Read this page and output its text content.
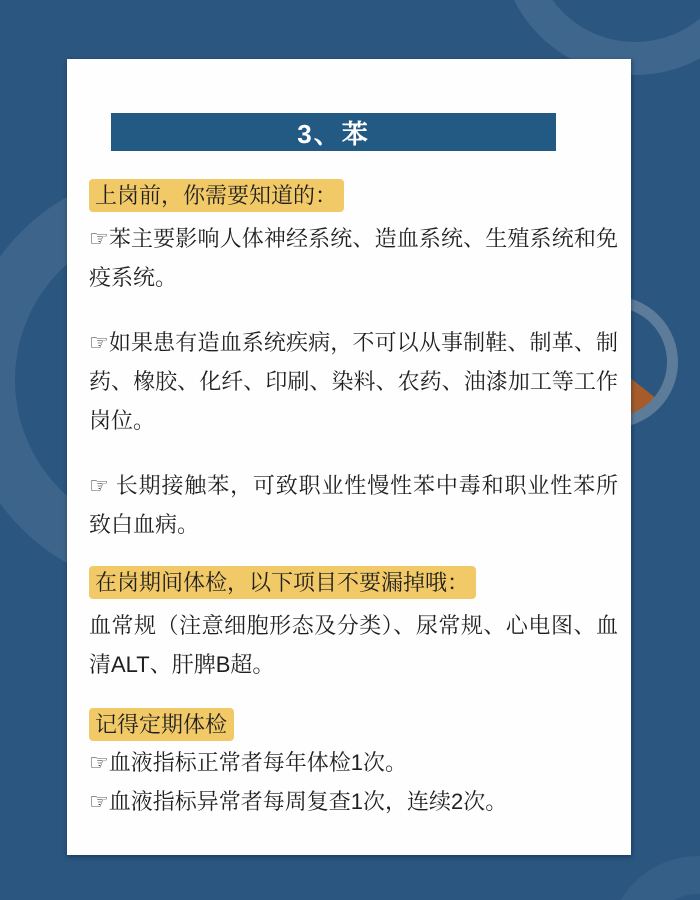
3、苯
上岗前，你需要知道的：

☞苯主要影响人体神经系统、造血系统、生殖系统和免疫系统。

☞如果患有造血系统疾病，不可以从事制鞋、制革、制药、橡胶、化纤、印刷、染料、农药、油漆加工等工作岗位。

☞ 长期接触苯，可致职业性慢性苯中毒和职业性苯所致白血病。

在岗期间体检，以下项目不要漏掉哦：

血常规（注意细胞形态及分类）、尿常规、心电图、血清ALT、肝脾B超。

记得定期体检

☞血液指标正常者每年体检1次。

☞血液指标异常者每周复查1次，连续2次。
